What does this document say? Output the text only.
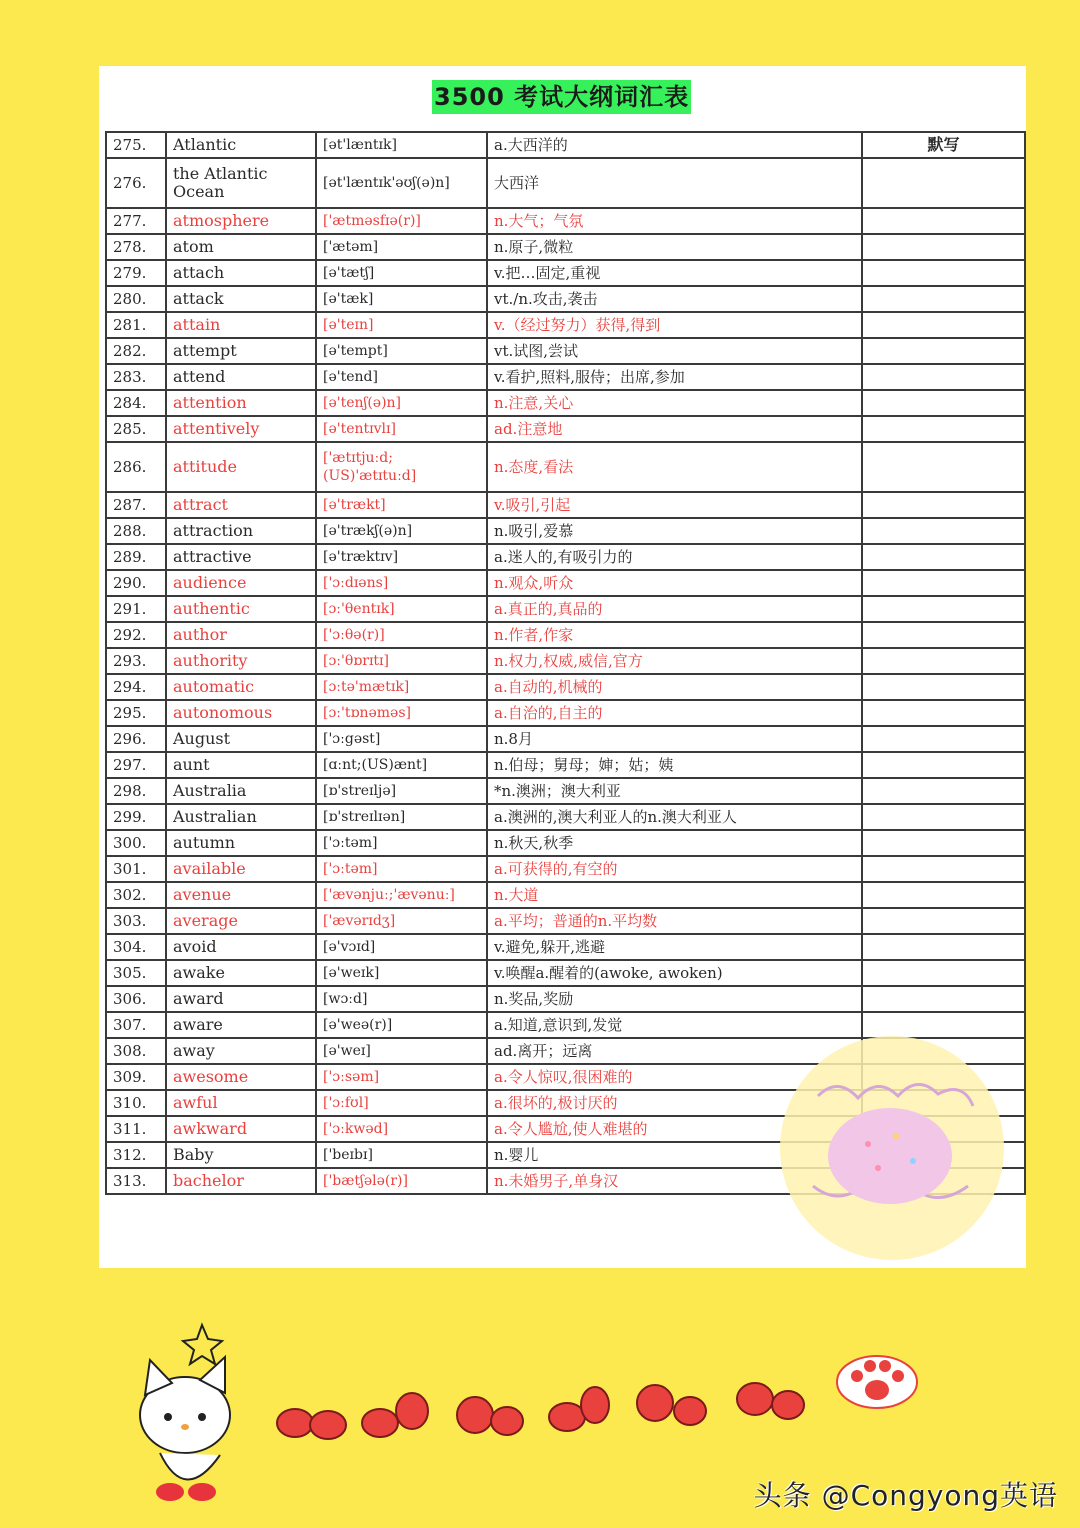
3500 考试大纲词汇表
275.	Atlantic	[ət'læntɪk]	a.大西洋的	默写
276.	the Atlantic Ocean	[ət'læntɪk'əʊʃ(ə)n]	大西洋	
277.	atmosphere	['ætməsfɪə(r)]	n.大气；气氛	
278.	atom	['ætəm]	n.原子,微粒	
279.	attach	[ə'tætʃ]	v.把…固定,重视	
280.	attack	[ə'tæk]	vt./n.攻击,袭击	
281.	attain	[ə'teɪn]	v.（经过努力）获得,得到	
282.	attempt	[ə'tempt]	vt.试图,尝试	
283.	attend	[ə'tend]	v.看护,照料,服侍；出席,参加	
284.	attention	[ə'tenʃ(ə)n]	n.注意,关心	
285.	attentively	[ə'tentɪvlɪ]	ad.注意地	
286.	attitude	['ætɪtjuːd;(US)'ætɪtuːd]	n.态度,看法	
287.	attract	[ə'trækt]	v.吸引,引起	
288.	attraction	[ə'trækʃ(ə)n]	n.吸引,爱慕	
289.	attractive	[ə'træktɪv]	a.迷人的,有吸引力的	
290.	audience	['ɔːdɪəns]	n.观众,听众	
291.	authentic	[ɔː'θentɪk]	a.真正的,真品的	
292.	author	['ɔːθə(r)]	n.作者,作家	
293.	authority	[ɔː'θɒrɪtɪ]	n.权力,权威,威信,官方	
294.	automatic	[ɔːtə'mætɪk]	a.自动的,机械的	
295.	autonomous	[ɔː'tɒnəməs]	a.自治的,自主的	
296.	August	['ɔːgəst]	n.8月	
297.	aunt	[ɑːnt;(US)ænt]	n.伯母；舅母；婶；姑；姨	
298.	Australia	[ɒ'streɪljə]	*n.澳洲；澳大利亚	
299.	Australian	[ɒ'streɪlɪən]	a.澳洲的,澳大利亚人的n.澳大利亚人	
300.	autumn	['ɔːtəm]	n.秋天,秋季	
301.	available	['ɔːtəm]	a.可获得的,有空的	
302.	avenue	['ævənjuː;'ævənuː]	n.大道	
303.	average	['ævərɪdʒ]	a.平均；普通的n.平均数	
304.	avoid	[ə'vɔɪd]	v.避免,躲开,逃避	
305.	awake	[ə'weɪk]	v.唤醒a.醒着的(awoke, awoken)	
306.	award	[wɔːd]	n.奖品,奖励	
307.	aware	[ə'weə(r)]	a.知道,意识到,发觉	
308.	away	[ə'weɪ]	ad.离开；远离	
309.	awesome	['ɔːsəm]	a.令人惊叹,很困难的	
310.	awful	['ɔːfʊl]	a.很坏的,极讨厌的	
311.	awkward	['ɔːkwəd]	a.令人尴尬,使人难堪的	
312.	Baby	['beɪbɪ]	n.婴儿	
313.	bachelor	['bætʃələ(r)]	n.未婚男子,单身汉	
头条 @Congyong英语
